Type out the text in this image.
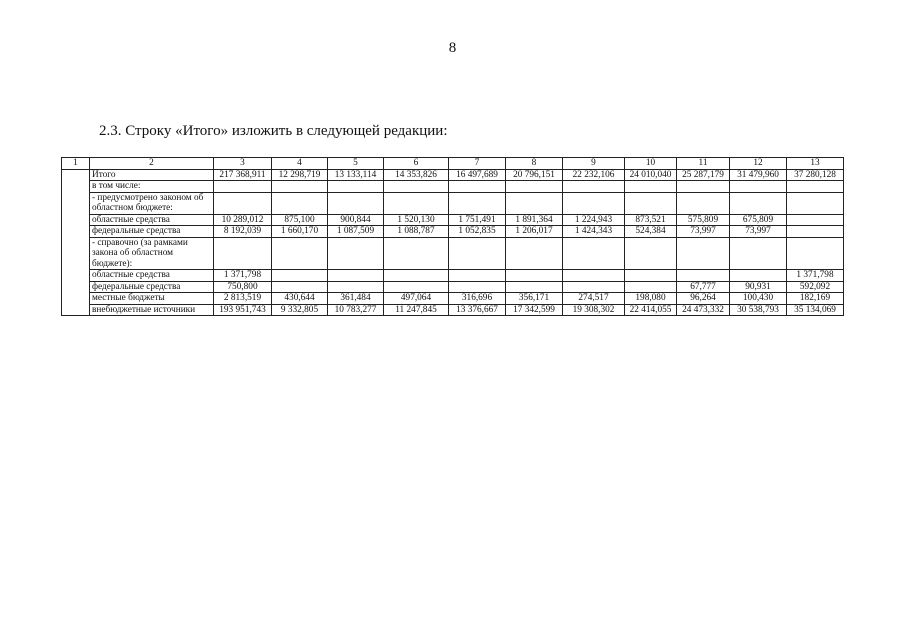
8
2.3. Строку «Итого» изложить в следующей редакции:
1	2	3	4	5	6	7	8	9	10	11	12	13
	Итого	217 368,911	12 298,719	13 133,114	14 353,826	16 497,689	20 796,151	22 232,106	24 010,040	25 287,179	31 479,960	37 280,128
	в том числе:											
	- предусмотрено законом об областном бюджете:											
	областные средства	10 289,012	875,100	900,844	1 520,130	1 751,491	1 891,364	1 224,943	873,521	575,809	675,809	
	федеральные средства	8 192,039	1 660,170	1 087,509	1 088,787	1 052,835	1 206,017	1 424,343	524,384	73,997	73,997	
	- справочно (за рамками закона об областном бюджете):											
	областные средства	1 371,798										1 371,798
	федеральные средства	750,800								67,777	90,931	592,092
	местные бюджеты	2 813,519	430,644	361,484	497,064	316,696	356,171	274,517	198,080	96,264	100,430	182,169
	внебюджетные источники	193 951,743	9 332,805	10 783,277	11 247,845	13 376,667	17 342,599	19 308,302	22 414,055	24 473,332	30 538,793	35 134,069
